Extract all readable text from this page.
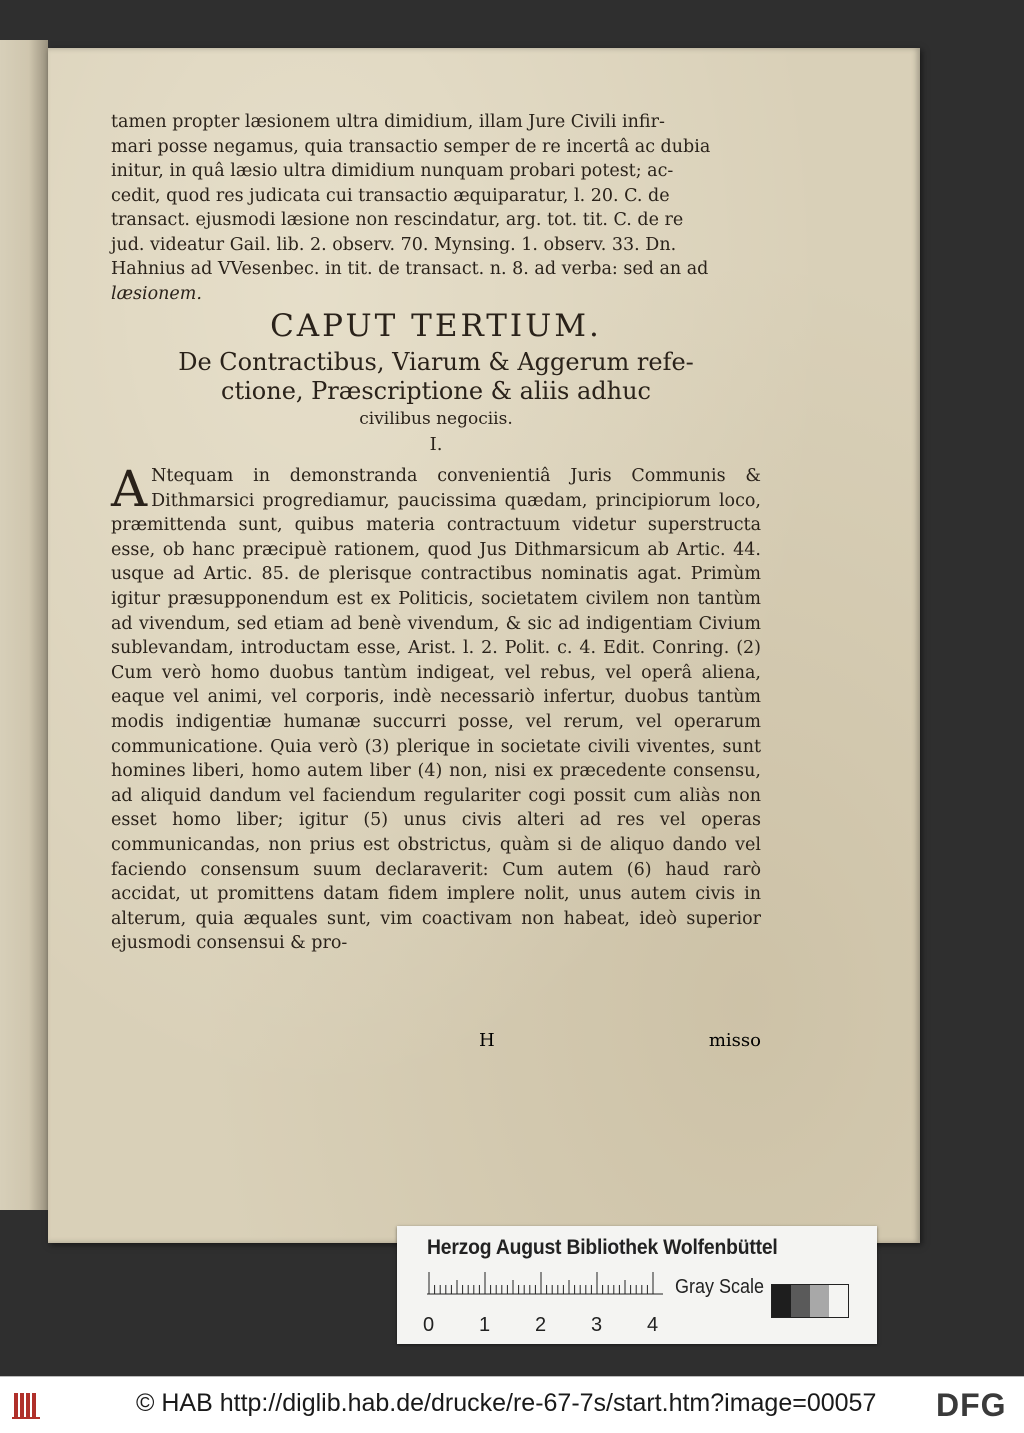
tamen propter læsionem ultra dimidium, illam Jure Civili infir-

mari posse negamus, quia transactio semper de re incertâ ac dubia

initur, in quâ læsio ultra dimidium nunquam probari potest; ac-

cedit, quod res judicata cui transactio æquiparatur, l. 20. C. de

transact. ejusmodi læsione non rescindatur, arg. tot. tit. C. de re

jud. videatur Gail. lib. 2. observ. 70. Mynsing. 1. observ. 33. Dn.

Hahnius ad VVesenbec. in tit. de transact. n. 8. ad verba: sed an ad

læsionem.

CAPUT TERTIUM.
De Contractibus, Viarum & Aggerum refe-ctione, Præscriptione & aliis adhuc
civilibus negociis.
I.
A Ntequam in demonstranda convenientiâ Juris Communis & Dithmarsici progrediamur, paucissima quædam, principiorum loco, præmittenda sunt, quibus materia contractuum videtur superstructa esse, ob hanc præcipuè rationem, quod Jus Dithmarsicum ab Artic. 44. usque ad Artic. 85. de plerisque contractibus nominatis agat. Primùm igitur præsupponendum est ex Politicis, societatem civilem non tantùm ad vivendum, sed etiam ad benè vivendum, & sic ad indigentiam Civium sublevandam, introductam esse, Arist. l. 2. Polit. c. 4. Edit. Conring. (2) Cum verò homo duobus tantùm indigeat, vel rebus, vel operâ aliena, eaque vel animi, vel corporis, indè necessariò infertur, duobus tantùm modis indigentiæ humanæ succurri posse, vel rerum, vel operarum communicatione. Quia verò (3) plerique in societate civili viventes, sunt homines liberi, homo autem liber (4) non, nisi ex præcedente consensu, ad aliquid dandum vel faciendum regulariter cogi possit cum aliàs non esset homo liber; igitur (5) unus civis alteri ad res vel operas communicandas, non prius est obstrictus, quàm si de aliquo dando vel faciendo consensum suum declaraverit: Cum autem (6) haud rarò accidat, ut promittens datam fidem implere nolit, unus autem civis in alterum, quia æquales sunt, vim coactivam non habeat, ideò superior ejusmodi consensui & pro-

H	misso
Herzog August Bibliothek Wolfenbüttel
0 1 2 3 4
Gray Scale
© HAB http://diglib.hab.de/drucke/re-67-7s/start.htm?image=00057 DFG
